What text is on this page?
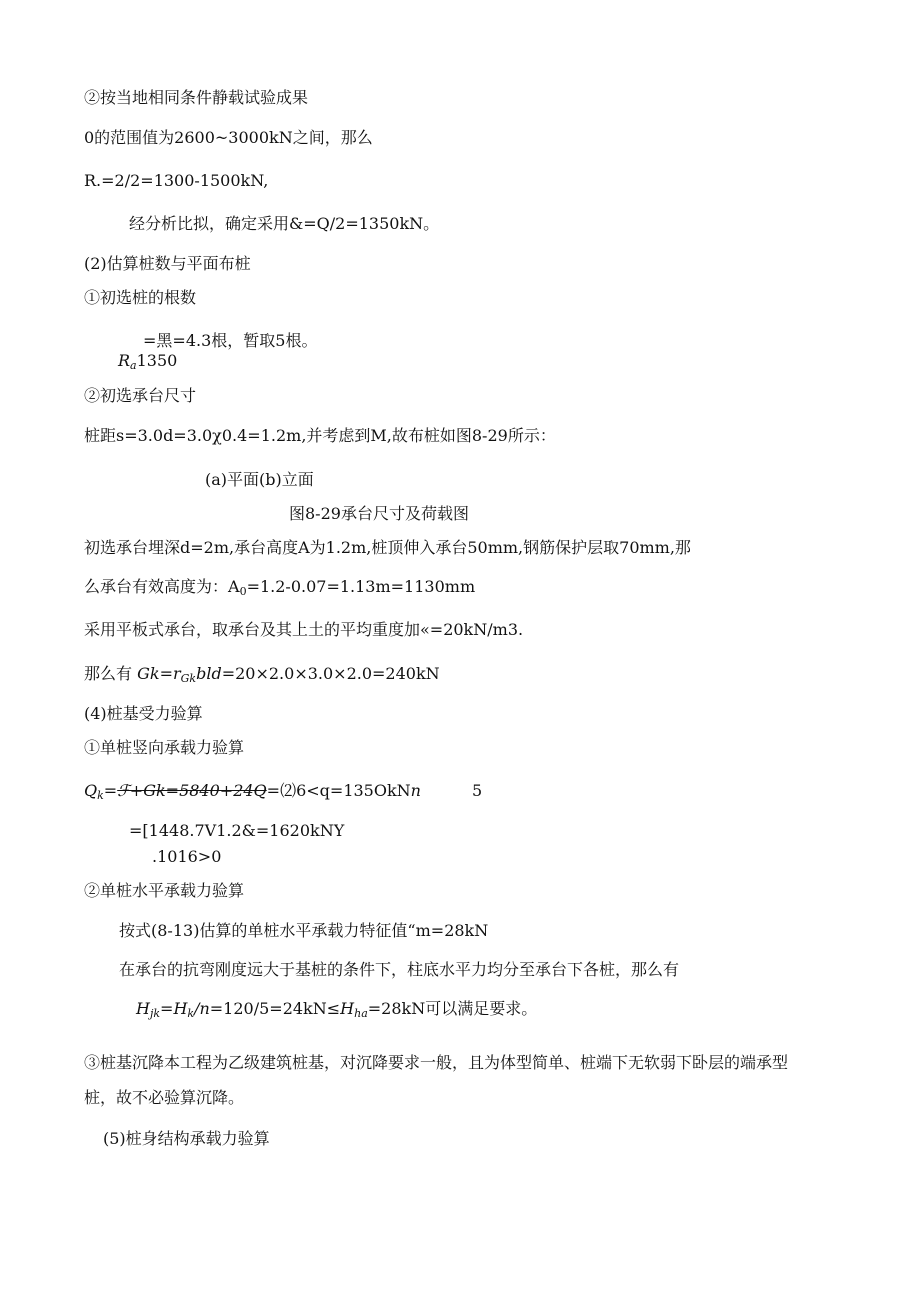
②按当地相同条件静载试验成果
0的范围值为2600~3000kN之间，那么
R.=2/2=1300-1500kN,
经分析比拟，确定采用&=Q/2=1350kN。
(2)估算桩数与平面布桩
①初选桩的根数
=黑=4.3根，暂取5根。
$R_a1350$
②初选承台尺寸
桩距s=3.0d=3.0χ0.4=1.2m,并考虑到M,故布桩如图8-29所示：
(a)平面(b)立面
图8-29承台尺寸及荷载图
初选承台埋深d=2m,承台高度A为1.2m,桩顶伸入承台50mm,钢筋保护层取70mm,那
么承台有效高度为：$A_0=1.2-0.07=1.13m=1130mm$
采用平板式承台，取承台及其上土的平均重度加«=20kN∕m3.
那么有 $Gk=r_{Gk}bld=20\times 2.0\times 3.0\times 2.0=240kN$
(4)桩基受力验算
①单桩竖向承载力验算
$Q_k=ℱ+Gk=5840+24Q=⑵6<q=135OkNn$	5
=[1448.7V1.2&=1620kNY
.1016>0
②单桩水平承载力验算
按式(8-13)估算的单桩水平承载力特征值“m=28kN
在承台的抗弯刚度远大于基桩的条件下，柱底水平力均分至承台下各桩，那么有
$H_{jk}=H_k/n=120/5=24kN\le H_{ha}=28kN$可以满足要求。
③桩基沉降本工程为乙级建筑桩基，对沉降要求一般，且为体型简单、桩端下无软弱下卧层的端承型
桩，故不必验算沉降。
(5)桩身结构承载力验算
